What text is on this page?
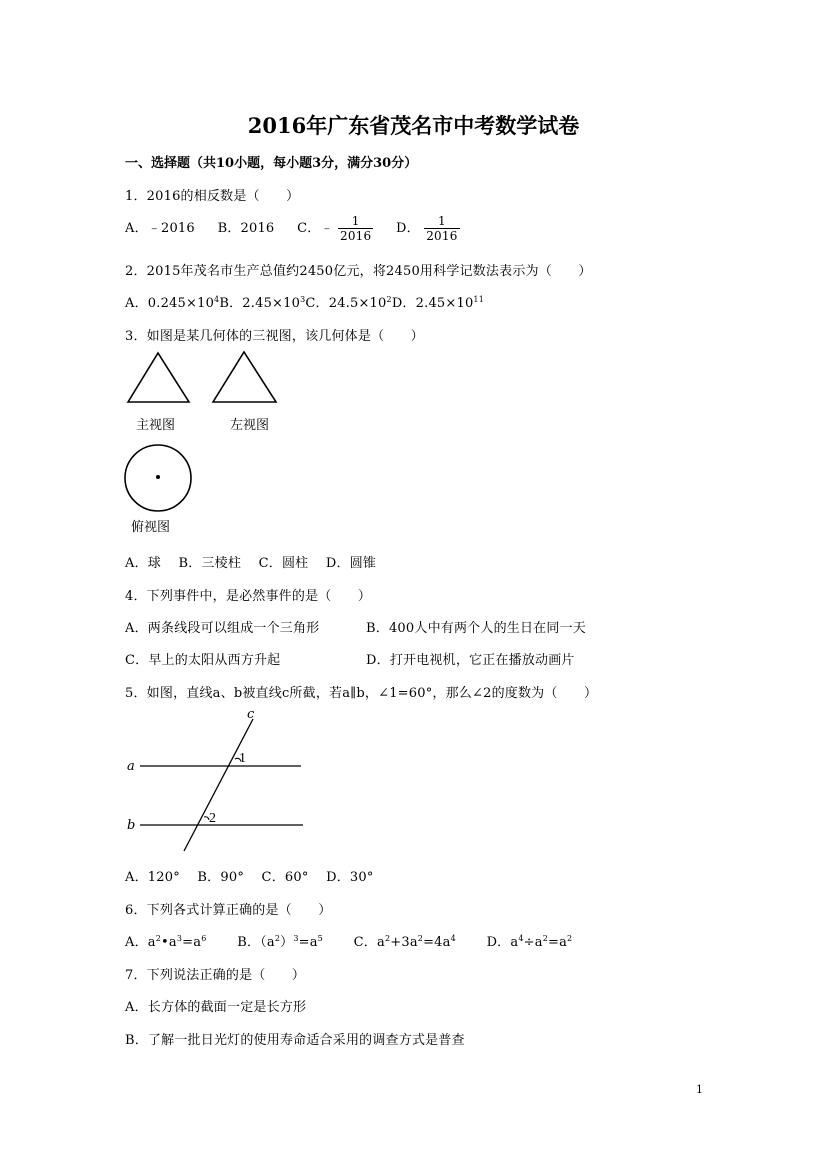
2016年广东省茂名市中考数学试卷
一、选择题（共10小题，每小题3分，满分30分）
1．2016的相反数是（　　）
A．﹣2016 B．2016 C．﹣ $\frac{1}{2016}$ D． $\frac{1}{2016}$
2．2015年茂名市生产总值约2450亿元，将2450用科学记数法表示为（　　）
A．$0.245\times 10^4B$．$2.45\times 10^3C$．$24.5\times 10^2D$．$2.45\times 10^{11}$
3．如图是某几何体的三视图，该几何体是（　　）
主视图	左视图
俯视图
A．球　 B．三棱柱　 C．圆柱　 D．圆锥
4．下列事件中，是必然事件的是（　　）
A．两条线段可以组成一个三角形	B．400人中有两个人的生日在同一天
C．早上的太阳从西方升起	D．打开电视机，它正在播放动画片
5．如图，直线a、b被直线c所截，若a∥b，∠1=60°，那么∠2的度数为（　　）
c
a
b
1
2
A．120°　 B．90°　 C．60°　 D．30°
6．下列各式计算正确的是（　　）
A．$a^2•a^3=a^6$ B．$(a^2)^3=a^5$ C．$a^2+3a^2=4a^4$ D．$a^4\div a^2=a^2$
7．下列说法正确的是（　　）
A．长方体的截面一定是长方形
B．了解一批日光灯的使用寿命适合采用的调查方式是普查
1
